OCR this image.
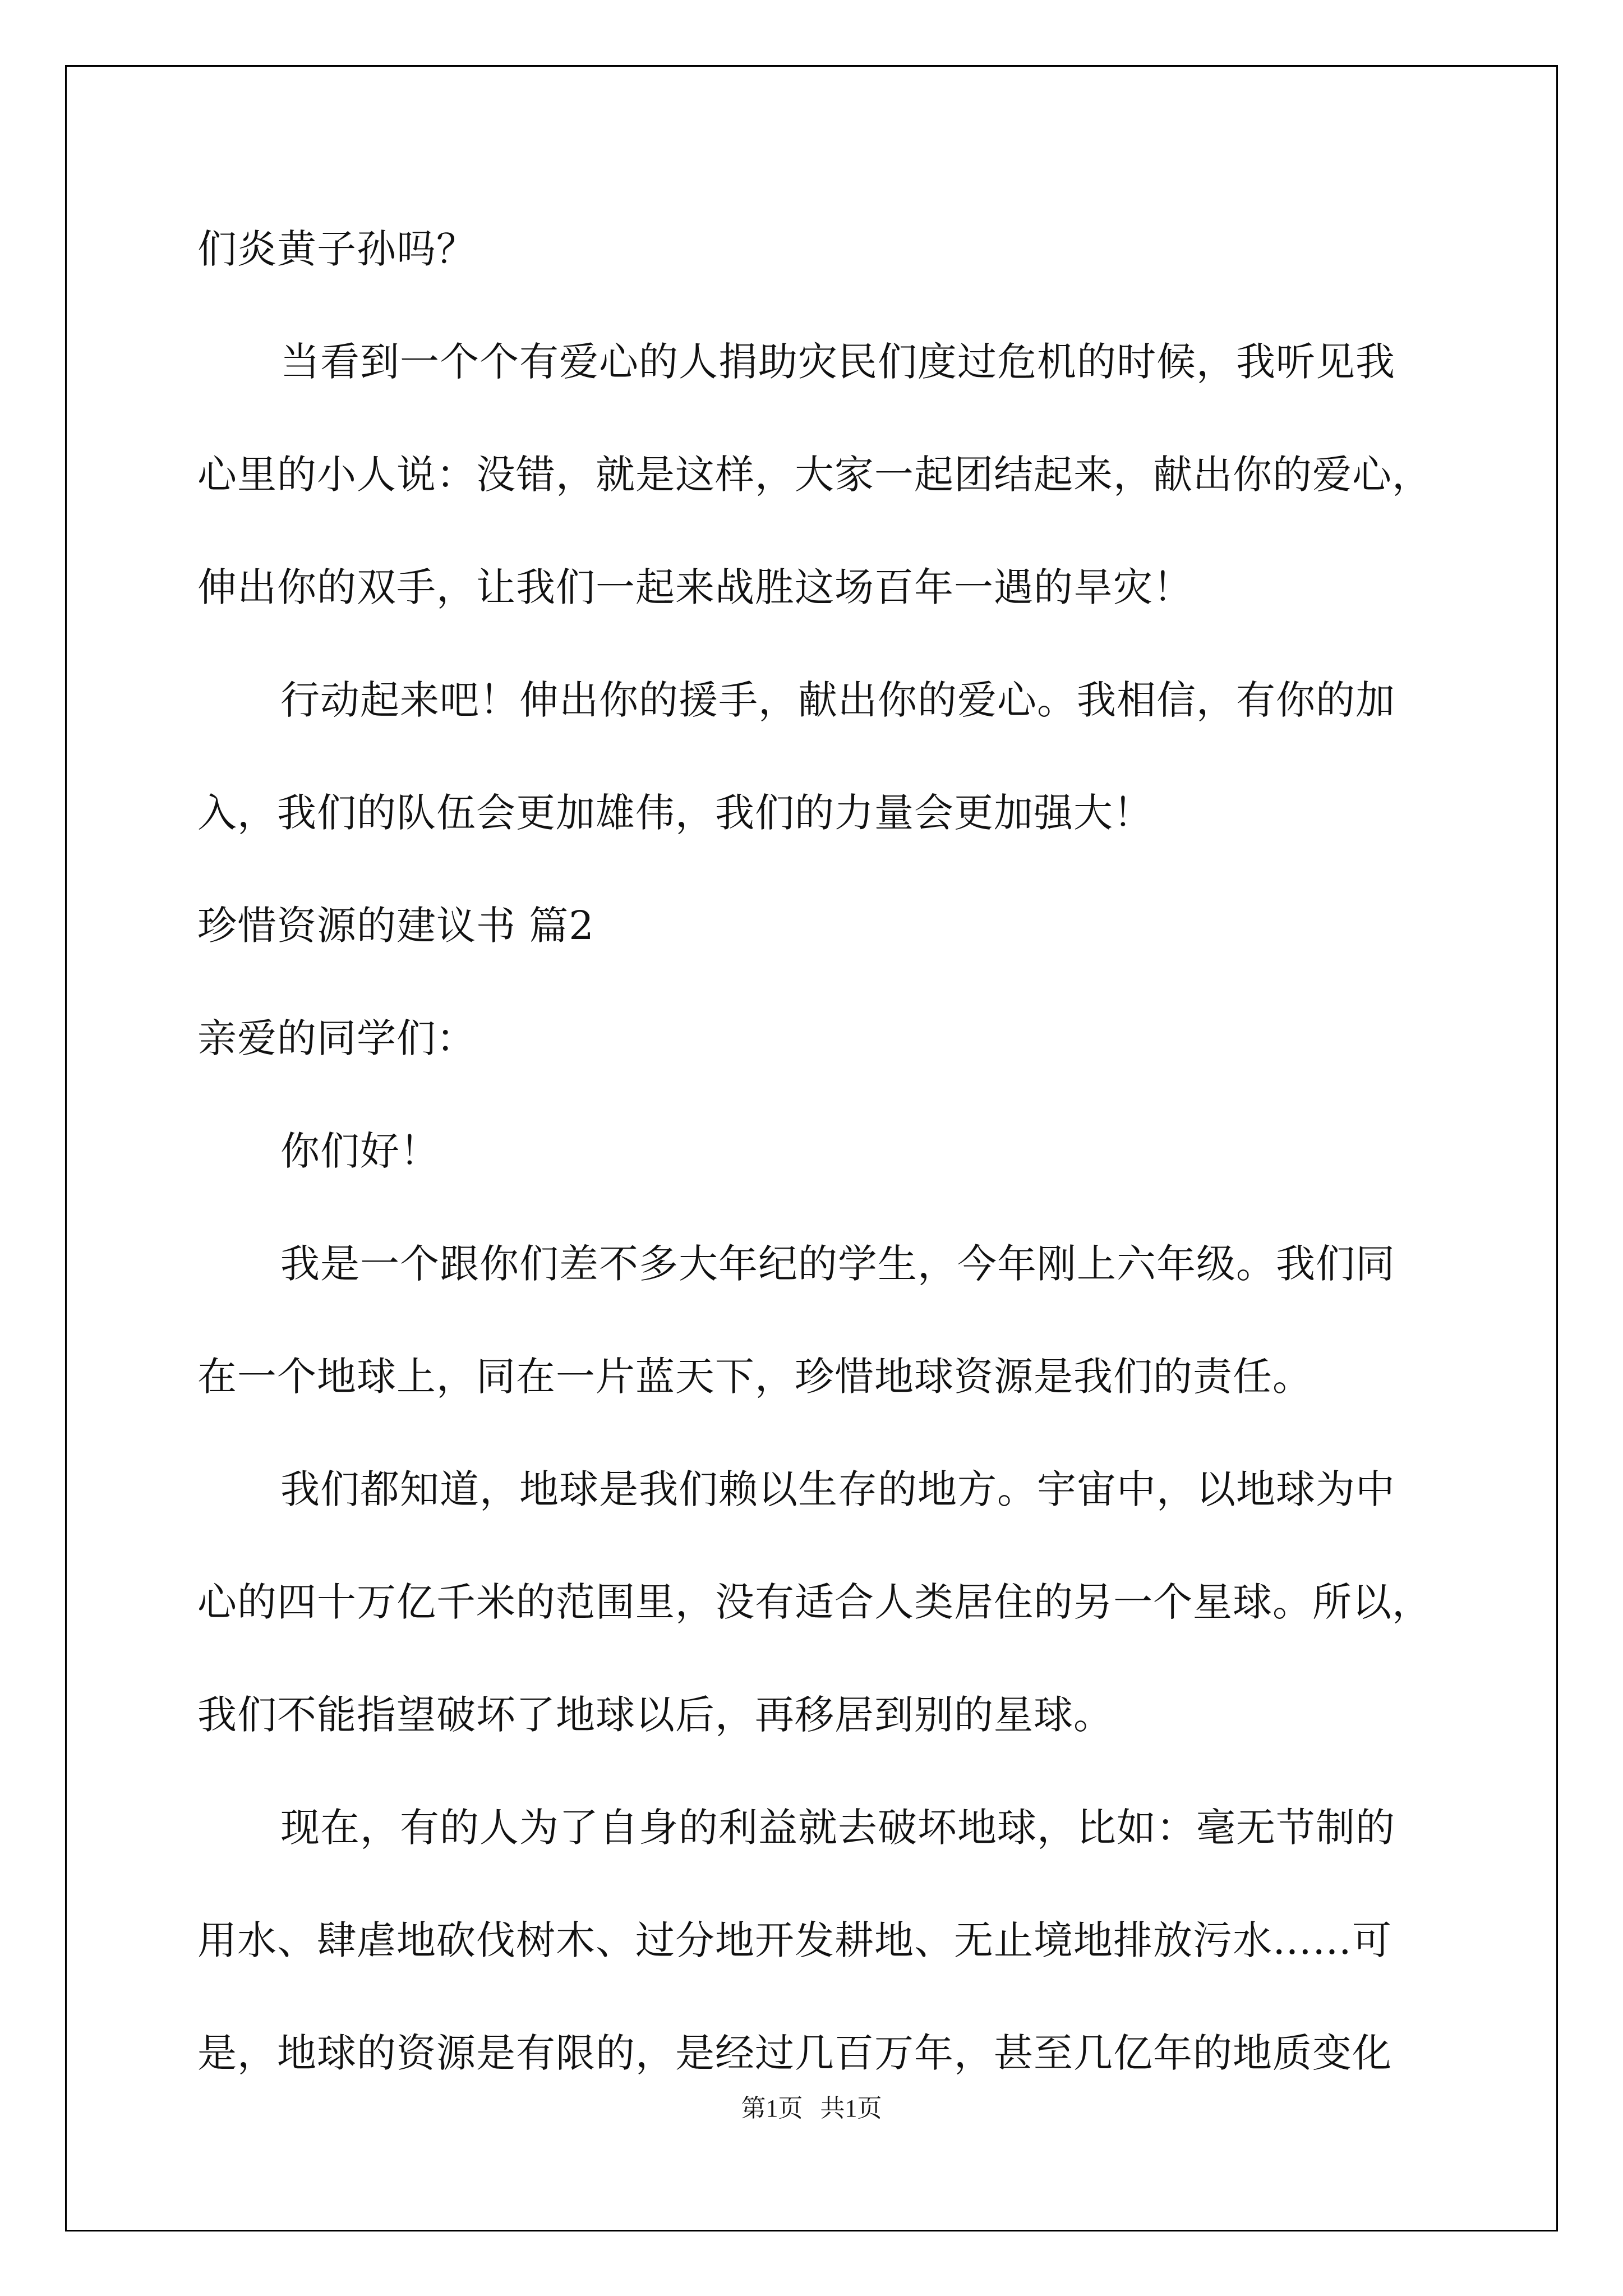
们炎黄子孙吗？
当看到一个个有爱心的人捐助灾民们度过危机的时候，我听见我
心里的小人说：没错，就是这样，大家一起团结起来，献出你的爱心，
伸出你的双手，让我们一起来战胜这场百年一遇的旱灾！
行动起来吧！伸出你的援手，献出你的爱心。我相信，有你的加
入，我们的队伍会更加雄伟，我们的力量会更加强大！
珍惜资源的建议书 篇2
亲爱的同学们：
你们好！
我是一个跟你们差不多大年纪的学生，今年刚上六年级。我们同
在一个地球上，同在一片蓝天下，珍惜地球资源是我们的责任。
我们都知道，地球是我们赖以生存的地方。宇宙中，以地球为中
心的四十万亿千米的范围里，没有适合人类居住的另一个星球。所以，
我们不能指望破坏了地球以后，再移居到别的星球。
现在，有的人为了自身的利益就去破坏地球，比如：毫无节制的
用水、肆虐地砍伐树木、过分地开发耕地、无止境地排放污水……可
是，地球的资源是有限的，是经过几百万年，甚至几亿年的地质变化
第1页 共1页
